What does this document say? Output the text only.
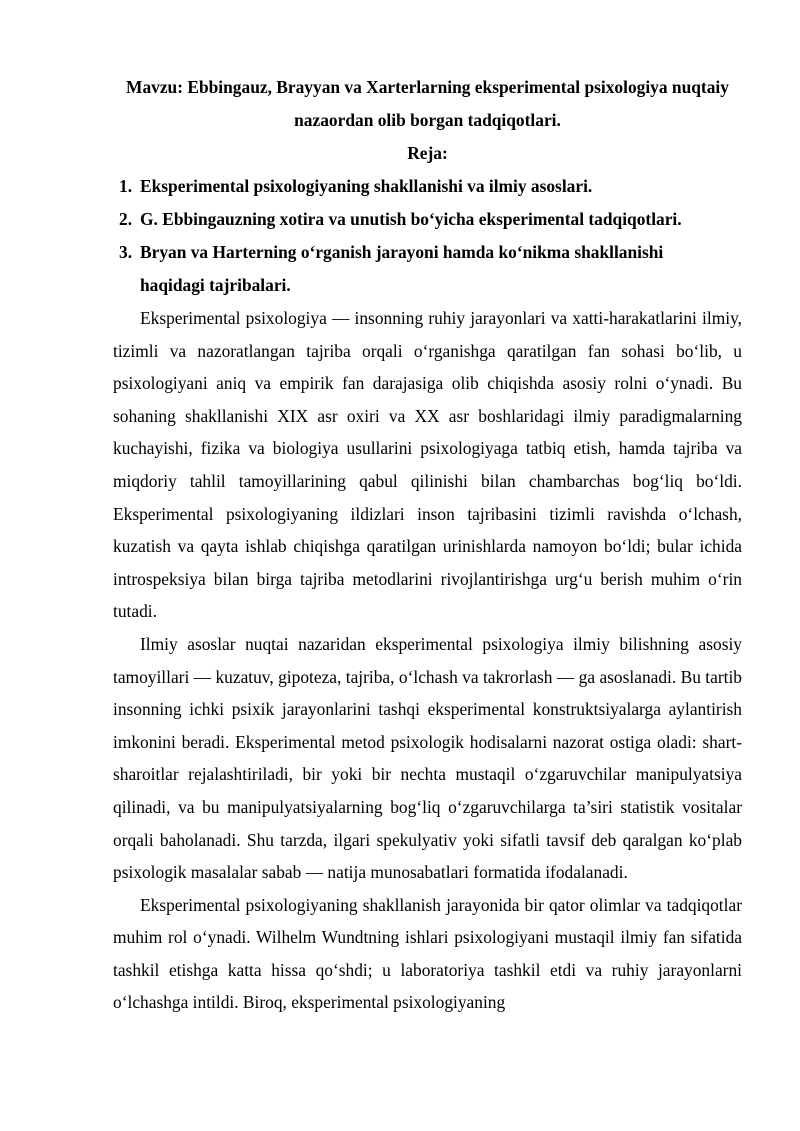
Mavzu: Ebbingauz, Brayyan va Xarterlarning eksperimental psixologiya nuqtaiy nazaordan olib borgan tadqiqotlari.

Reja:

1. Eksperimental psixologiyaning shakllanishi va ilmiy asoslari.
2. G. Ebbingauzning xotira va unutish bo‘yicha eksperimental tadqiqotlari.
3. Bryan va Harterning o‘rganish jarayoni hamda ko‘nikma shakllanishi haqidagi tajribalari.

Eksperimental psixologiya — insonning ruhiy jarayonlari va xatti-harakatlarini ilmiy, tizimli va nazoratlangan tajriba orqali o‘rganishga qaratilgan fan sohasi bo‘lib, u psixologiyani aniq va empirik fan darajasiga olib chiqishda asosiy rolni o‘ynadi. Bu sohaning shakllanishi XIX asr oxiri va XX asr boshlaridagi ilmiy paradigmalarning kuchayishi, fizika va biologiya usullarini psixologiyaga tatbiq etish, hamda tajriba va miqdoriy tahlil tamoyillarining qabul qilinishi bilan chambarchas bog‘liq bo‘ldi. Eksperimental psixologiyaning ildizlari inson tajribasini tizimli ravishda o‘lchash, kuzatish va qayta ishlab chiqishga qaratilgan urinishlarda namoyon bo‘ldi; bular ichida introspeksiya bilan birga tajriba metodlarini rivojlantirishga urg‘u berish muhim o‘rin tutadi.

Ilmiy asoslar nuqtai nazaridan eksperimental psixologiya ilmiy bilishning asosiy tamoyillari — kuzatuv, gipoteza, tajriba, o‘lchash va takrorlash — ga asoslanadi. Bu tartib insonning ichki psixik jarayonlarini tashqi eksperimental konstruktsiyalarga aylantirish imkonini beradi. Eksperimental metod psixologik hodisalarni nazorat ostiga oladi: shart-sharoitlar rejalashtiriladi, bir yoki bir nechta mustaqil o‘zgaruvchilar manipulyatsiya qilinadi, va bu manipulyatsiyalarning bog‘liq o‘zgaruvchilarga ta’siri statistik vositalar orqali baholanadi. Shu tarzda, ilgari spekulyativ yoki sifatli tavsif deb qaralgan ko‘plab psixologik masalalar sabab — natija munosabatlari formatida ifodalanadi.

Eksperimental psixologiyaning shakllanish jarayonida bir qator olimlar va tadqiqotlar muhim rol o‘ynadi. Wilhelm Wundtning ishlari psixologiyani mustaqil ilmiy fan sifatida tashkil etishga katta hissa qo‘shdi; u laboratoriya tashkil etdi va ruhiy jarayonlarni o‘lchashga intildi. Biroq, eksperimental psixologiyaning
